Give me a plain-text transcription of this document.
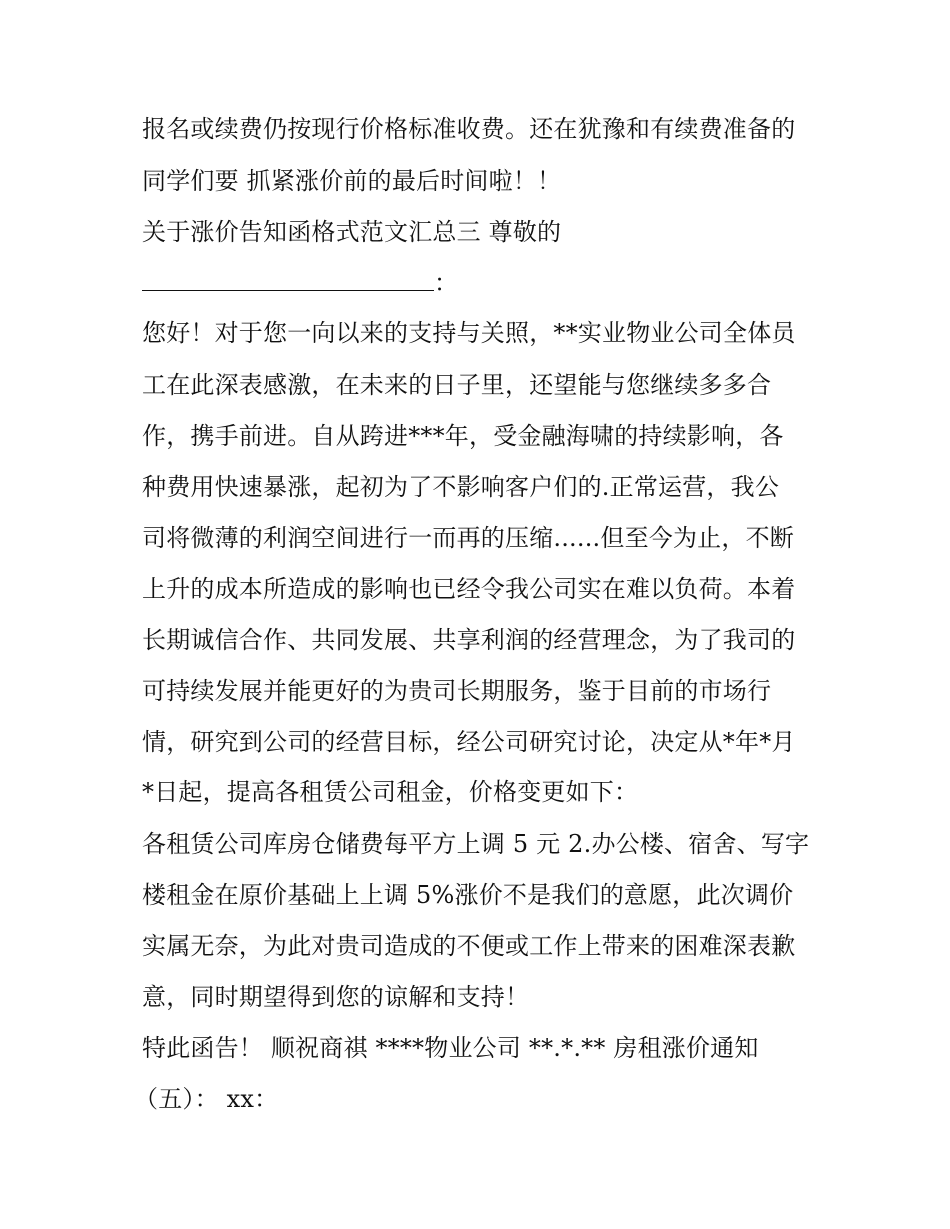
报名或续费仍按现行价格标准收费。还在犹豫和有续费准备的
同学们要 抓紧涨价前的最后时间啦！！
关于涨价告知函格式范文汇总三 尊敬的
：
您好！对于您一向以来的支持与关照，**实业物业公司全体员
工在此深表感激，在未来的日子里，还望能与您继续多多合
作，携手前进。自从跨进***年，受金融海啸的持续影响，各
种费用快速暴涨，起初为了不影响客户们的.正常运营，我公
司将微薄的利润空间进行一而再的压缩......但至今为止，不断
上升的成本所造成的影响也已经令我公司实在难以负荷。本着
长期诚信合作、共同发展、共享利润的经营理念，为了我司的
可持续发展并能更好的为贵司长期服务，鉴于目前的市场行
情，研究到公司的经营目标，经公司研究讨论，决定从*年*月
*日起，提高各租赁公司租金，价格变更如下：
各租赁公司库房仓储费每平方上调 5 元 2.办公楼、宿舍、写字
楼租金在原价基础上上调 5%涨价不是我们的意愿，此次调价
实属无奈，为此对贵司造成的不便或工作上带来的困难深表歉
意，同时期望得到您的谅解和支持！
特此函告！ 顺祝商祺 ****物业公司 **.*.** 房租涨价通知
（五）： xx：
